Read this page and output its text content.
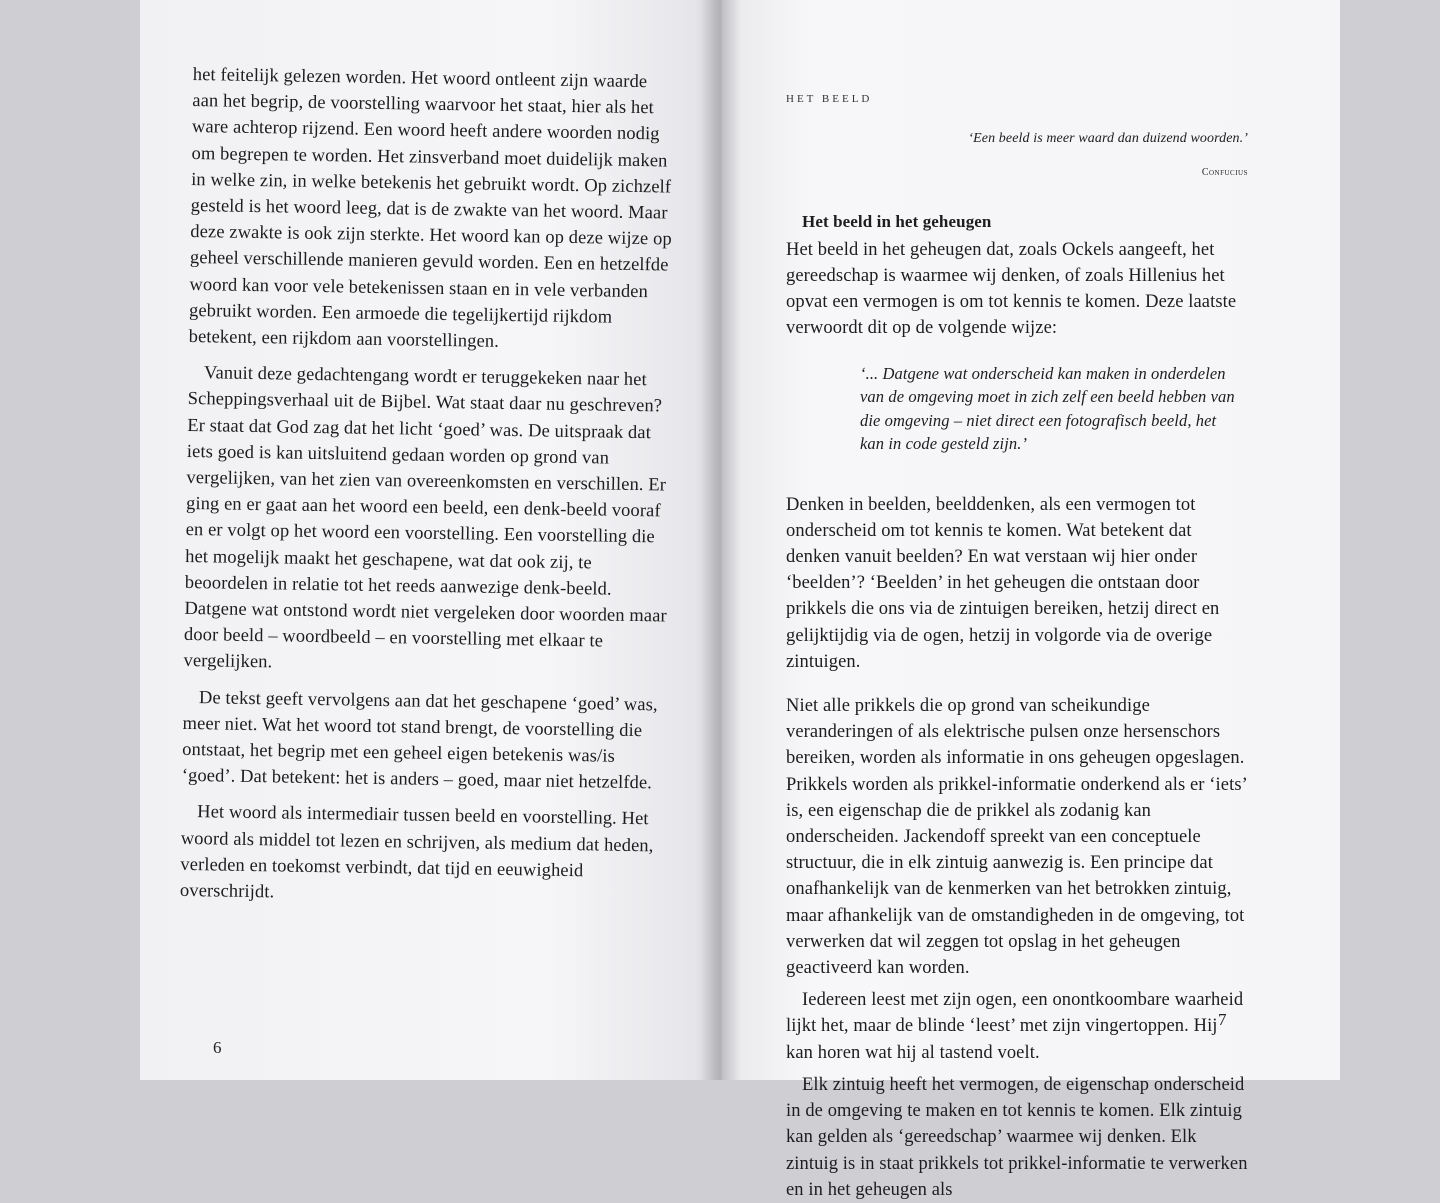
het feitelijk gelezen worden. Het woord ontleent zijn waarde aan het begrip, de voorstelling waarvoor het staat, hier als het ware achterop rijzend. Een woord heeft andere woorden nodig om begrepen te worden. Het zinsverband moet duidelijk maken in welke zin, in welke betekenis het gebruikt wordt. Op zichzelf gesteld is het woord leeg, dat is de zwakte van het woord. Maar deze zwakte is ook zijn sterkte. Het woord kan op deze wijze op geheel verschillende manieren gevuld worden. Een en hetzelfde woord kan voor vele betekenissen staan en in vele verbanden gebruikt worden. Een armoede die tegelijkertijd rijkdom betekent, een rijkdom aan voorstellingen.

Vanuit deze gedachtengang wordt er teruggekeken naar het Scheppingsverhaal uit de Bijbel. Wat staat daar nu geschreven? Er staat dat God zag dat het licht ‘goed’ was. De uitspraak dat iets goed is kan uitsluitend gedaan worden op grond van vergelijken, van het zien van overeenkomsten en verschillen. Er ging en er gaat aan het woord een beeld, een denk-beeld vooraf en er volgt op het woord een voorstelling. Een voorstelling die het mogelijk maakt het geschapene, wat dat ook zij, te beoordelen in relatie tot het reeds aanwezige denk-beeld. Datgene wat ontstond wordt niet vergeleken door woorden maar door beeld – woordbeeld – en voorstelling met elkaar te vergelijken.

De tekst geeft vervolgens aan dat het geschapene ‘goed’ was, meer niet. Wat het woord tot stand brengt, de voorstelling die ontstaat, het begrip met een geheel eigen betekenis was/is ‘goed’. Dat betekent: het is anders – goed, maar niet hetzelfde.

Het woord als intermediair tussen beeld en voorstelling. Het woord als middel tot lezen en schrijven, als medium dat heden, verleden en toekomst verbindt, dat tijd en eeuwigheid overschrijdt.

HET BEELD
‘Een beeld is meer waard dan duizend woorden.’
Confucius
Het beeld in het geheugen

Het beeld in het geheugen dat, zoals Ockels aangeeft, het gereedschap is waarmee wij denken, of zoals Hillenius het opvat een vermogen is om tot kennis te komen. Deze laatste verwoordt dit op de volgende wijze:

‘... Datgene wat onderscheid kan maken in onderdelen van de omgeving moet in zich zelf een beeld hebben van die omgeving – niet direct een fotografisch beeld, het kan in code gesteld zijn.’

Denken in beelden, beelddenken, als een vermogen tot onderscheid om tot kennis te komen. Wat betekent dat denken vanuit beelden? En wat verstaan wij hier onder ‘beelden’? ‘Beelden’ in het geheugen die ontstaan door prikkels die ons via de zintuigen bereiken, hetzij direct en gelijktijdig via de ogen, hetzij in volgorde via de overige zintuigen.

Niet alle prikkels die op grond van scheikundige veranderingen of als elektrische pulsen onze hersenschors bereiken, worden als informatie in ons geheugen opgeslagen. Prikkels worden als prikkel-informatie onderkend als er ‘iets’ is, een eigenschap die de prikkel als zodanig kan onderscheiden. Jackendoff spreekt van een conceptuele structuur, die in elk zintuig aanwezig is. Een principe dat onafhankelijk van de kenmerken van het betrokken zintuig, maar afhankelijk van de omstandigheden in de omgeving, tot verwerken dat wil zeggen tot opslag in het geheugen geactiveerd kan worden.

Iedereen leest met zijn ogen, een onontkoombare waarheid lijkt het, maar de blinde ‘leest’ met zijn vingertoppen. Hij kan horen wat hij al tastend voelt.

Elk zintuig heeft het vermogen, de eigenschap onderscheid in de omgeving te maken en tot kennis te komen. Elk zintuig kan gelden als ‘gereedschap’ waarmee wij denken. Elk zintuig is in staat prikkels tot prikkel-informatie te verwerken en in het geheugen als

6
7
